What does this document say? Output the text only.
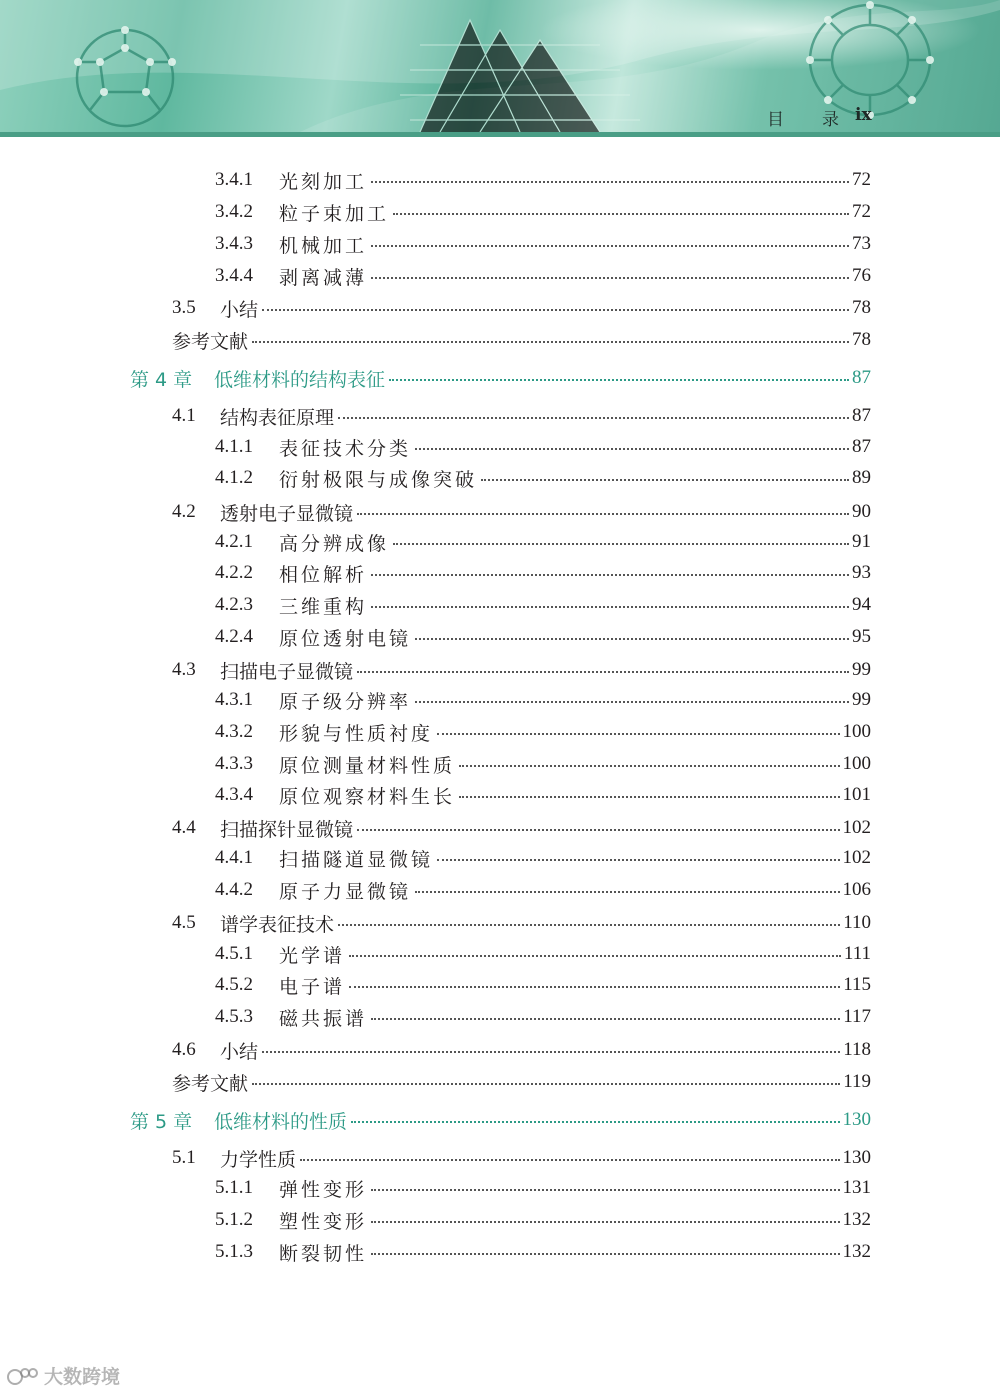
目 录 ix
3.4.1	光刻加工	72
3.4.2	粒子束加工	72
3.4.3	机械加工	73
3.4.4	剥离减薄	76
3.5	小结	78
参考文献	78
第 4 章	低维材料的结构表征	87
4.1	结构表征原理	87
4.1.1	表征技术分类	87
4.1.2	衍射极限与成像突破	89
4.2	透射电子显微镜	90
4.2.1	高分辨成像	91
4.2.2	相位解析	93
4.2.3	三维重构	94
4.2.4	原位透射电镜	95
4.3	扫描电子显微镜	99
4.3.1	原子级分辨率	99
4.3.2	形貌与性质衬度	100
4.3.3	原位测量材料性质	100
4.3.4	原位观察材料生长	101
4.4	扫描探针显微镜	102
4.4.1	扫描隧道显微镜	102
4.4.2	原子力显微镜	106
4.5	谱学表征技术	110
4.5.1	光学谱	111
4.5.2	电子谱	115
4.5.3	磁共振谱	117
4.6	小结	118
参考文献	119
第 5 章	低维材料的性质	130
5.1	力学性质	130
5.1.1	弹性变形	131
5.1.2	塑性变形	132
5.1.3	断裂韧性	132
大数跨境
